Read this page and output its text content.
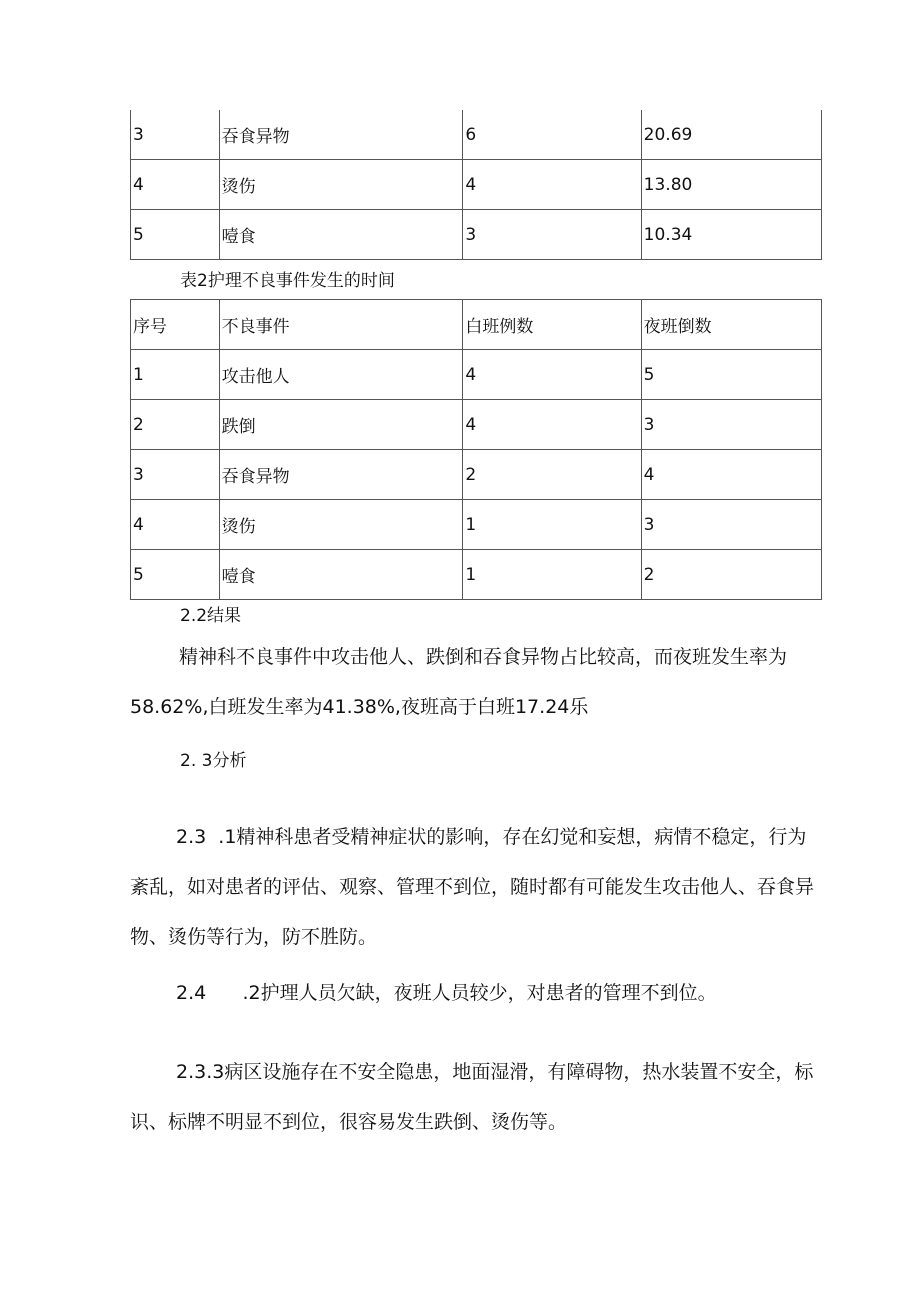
3	吞食异物	6	20.69
4	烫伤	4	13.80
5	噎食	3	10.34
表2护理不良事件发生的时间
序号	不良事件	白班例数	夜班倒数
1	攻击他人	4	5
2	跌倒	4	3
3	吞食异物	2	4
4	烫伤	1	3
5	噎食	1	2
2.2结果
精神科不良事件中攻击他人、跌倒和吞食异物占比较高，而夜班发生率为58.62%,白班发生率为41.38%,夜班高于白班17.24乐
2. 3分析
2.3  .1精神科患者受精神症状的影响，存在幻觉和妄想，病情不稳定，行为紊乱，如对患者的评估、观察、管理不到位，随时都有可能发生攻击他人、吞食异物、烫伤等行为，防不胜防。
2.4      .2护理人员欠缺，夜班人员较少，对患者的管理不到位。
2.3.3病区设施存在不安全隐患，地面湿滑，有障碍物，热水装置不安全，标识、标牌不明显不到位，很容易发生跌倒、烫伤等。
